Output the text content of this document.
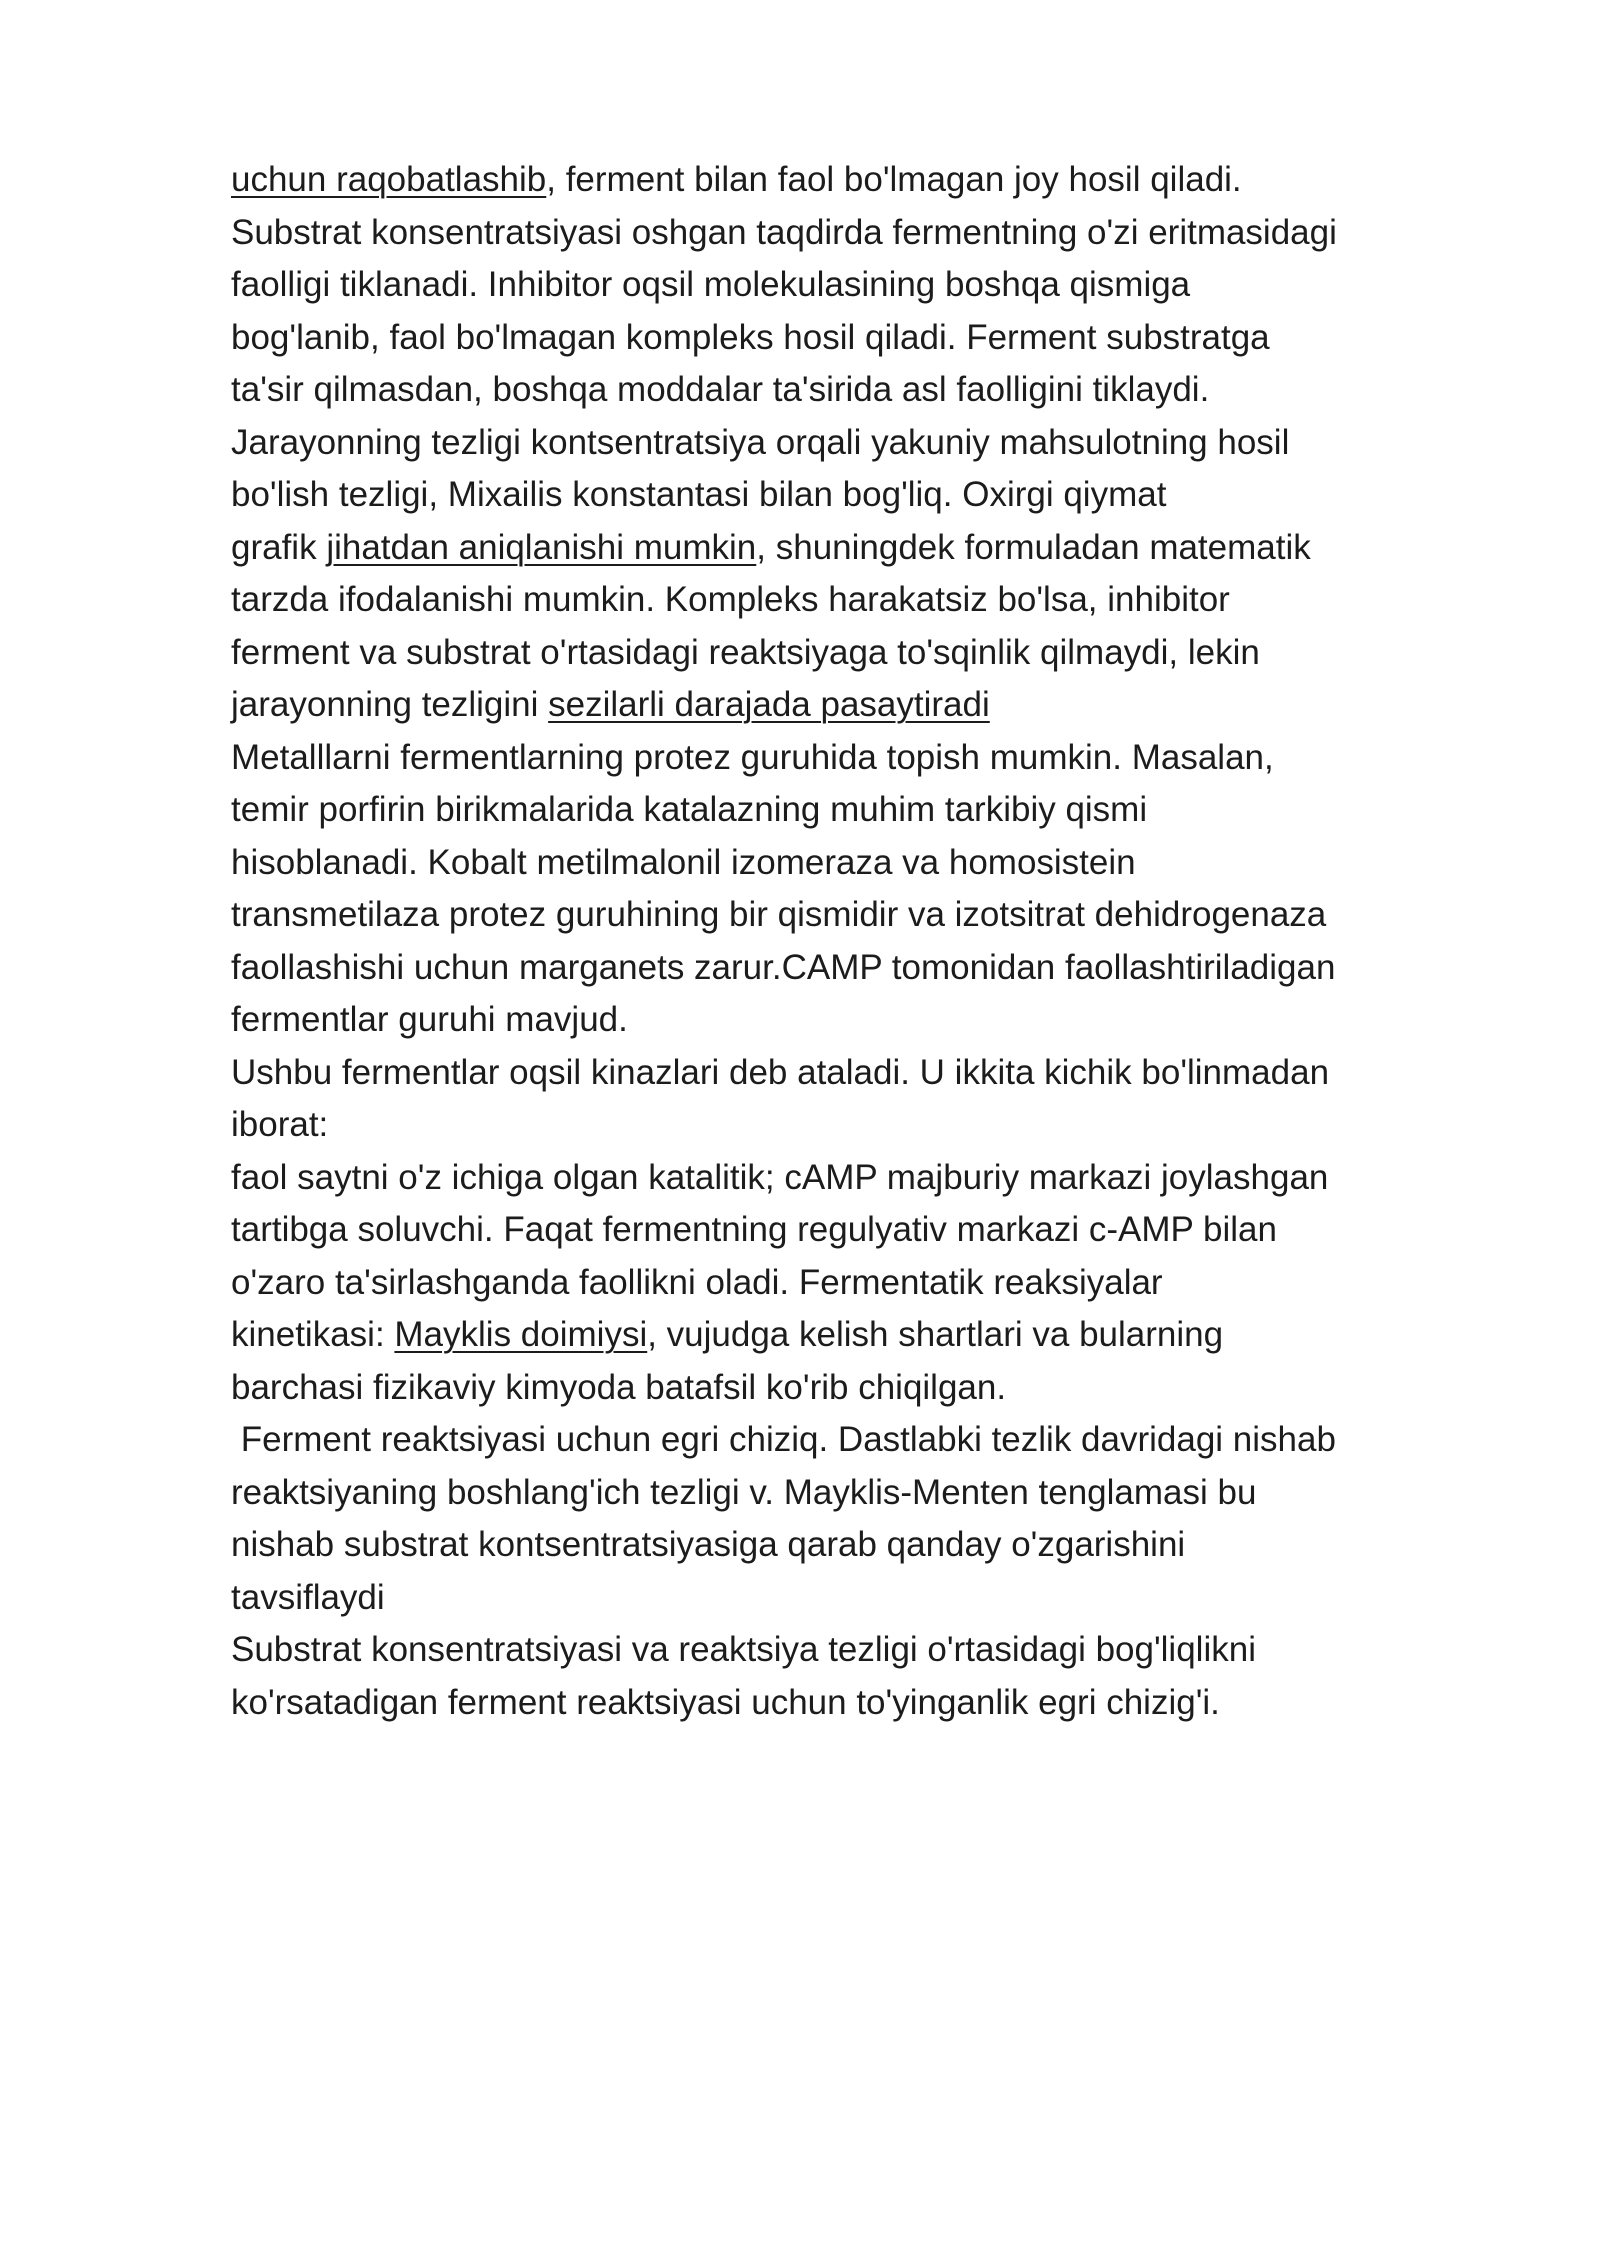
uchun raqobatlashib, ferment bilan faol bo'lmagan joy hosil qiladi.
Substrat konsentratsiyasi oshgan taqdirda fermentning o'zi eritmasidagi
faolligi tiklanadi. Inhibitor oqsil molekulasining boshqa qismiga
bog'lanib, faol bo'lmagan kompleks hosil qiladi. Ferment substratga
ta'sir qilmasdan, boshqa moddalar ta'sirida asl faolligini tiklaydi.
Jarayonning tezligi kontsentratsiya orqali yakuniy mahsulotning hosil
bo'lish tezligi, Mixailis konstantasi bilan bog'liq. Oxirgi qiymat
grafik jihatdan aniqlanishi mumkin, shuningdek formuladan matematik
tarzda ifodalanishi mumkin. Kompleks harakatsiz bo'lsa, inhibitor
ferment va substrat o'rtasidagi reaktsiyaga to'sqinlik qilmaydi, lekin
jarayonning tezligini sezilarli darajada pasaytiradi
Metalllarni fermentlarning protez guruhida topish mumkin. Masalan,
temir porfirin birikmalarida katalazning muhim tarkibiy qismi
hisoblanadi. Kobalt metilmalonil izomeraza va homosistein
transmetilaza protez guruhining bir qismidir va izotsitrat dehidrogenaza
faollashishi uchun marganets zarur.CAMP tomonidan faollashtiriladigan
fermentlar guruhi mavjud.
Ushbu fermentlar oqsil kinazlari deb ataladi. U ikkita kichik bo'linmadan
iborat:
faol saytni o'z ichiga olgan katalitik; cAMP majburiy markazi joylashgan
tartibga soluvchi. Faqat fermentning regulyativ markazi c-AMP bilan
o'zaro ta'sirlashganda faollikni oladi. Fermentatik reaksiyalar
kinetikasi: Mayklis doimiysi, vujudga kelish shartlari va bularning
barchasi fizikaviy kimyoda batafsil ko'rib chiqilgan.
Ferment reaktsiyasi uchun egri chiziq. Dastlabki tezlik davridagi nishab
reaktsiyaning boshlang'ich tezligi v. Mayklis-Menten tenglamasi bu
nishab substrat kontsentratsiyasiga qarab qanday o'zgarishini
tavsiflaydi
Substrat konsentratsiyasi va reaktsiya tezligi o'rtasidagi bog'liqlikni
ko'rsatadigan ferment reaktsiyasi uchun to'yinganlik egri chizig'i.
